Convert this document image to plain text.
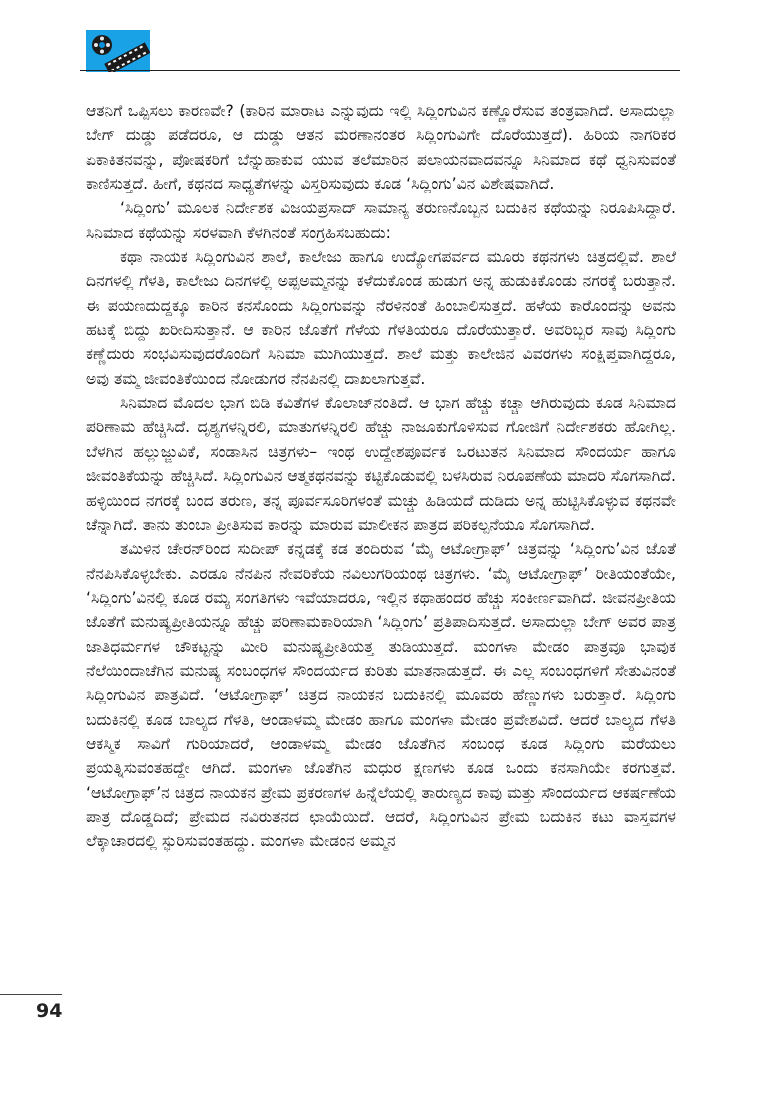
ಆತನಿಗೆ ಒಪ್ಪಿಸಲು ಕಾರಣವೇ? (ಕಾರಿನ ಮಾರಾಟ ಎನ್ನುವುದು ಇಲ್ಲಿ ಸಿದ್ಲಿಂಗುವಿನ ಕಣ್ಣೊರೆಸುವ ತಂತ್ರವಾಗಿದೆ. ಅಸಾದುಲ್ಲಾ ಬೇಗ್ ದುಡ್ಡು ಪಡೆದರೂ, ಆ ದುಡ್ಡು ಆತನ ಮರಣಾನಂತರ ಸಿದ್ಲಿಂಗುವಿಗೇ ದೊರೆಯುತ್ತದೆ). ಹಿರಿಯ ನಾಗರಿಕರ ಏಕಾಕಿತನವನ್ನು, ಪೋಷಕರಿಗೆ ಬೆನ್ನುಹಾಕುವ ಯುವ ತಲೆಮಾರಿನ ಪಲಾಯನವಾದವನ್ನೂ ಸಿನಿಮಾದ ಕಥೆ ಧ್ವನಿಸುವಂತೆ ಕಾಣಿಸುತ್ತದೆ. ಹೀಗೆ, ಕಥನದ ಸಾಧ್ಯತೆಗಳನ್ನು ವಿಸ್ತರಿಸುವುದು ಕೂಡ ‘ಸಿದ್ಲಿಂಗು’ವಿನ ವಿಶೇಷವಾಗಿದೆ.

‘ಸಿದ್ಲಿಂಗು’ ಮೂಲಕ ನಿರ್ದೇಶಕ ವಿಜಯಪ್ರಸಾದ್ ಸಾಮಾನ್ಯ ತರುಣನೊಬ್ಬನ ಬದುಕಿನ ಕಥೆಯನ್ನು ನಿರೂಪಿಸಿದ್ದಾರೆ. ಸಿನಿಮಾದ ಕಥೆಯನ್ನು ಸರಳವಾಗಿ ಕೆಳಗಿನಂತೆ ಸಂಗ್ರಹಿಸಬಹುದು:

ಕಥಾ ನಾಯಕ ಸಿದ್ಲಿಂಗುವಿನ ಶಾಲೆ, ಕಾಲೇಜು ಹಾಗೂ ಉದ್ಯೋಗಪರ್ವದ ಮೂರು ಕಥನಗಳು ಚಿತ್ರದಲ್ಲಿವೆ. ಶಾಲೆ ದಿನಗಳಲ್ಲಿ ಗೆಳತಿ, ಕಾಲೇಜು ದಿನಗಳಲ್ಲಿ ಅಪ್ಪಅಮ್ಮನನ್ನು ಕಳೆದುಕೊಂಡ ಹುಡುಗ ಅನ್ನ ಹುಡುಕಿಕೊಂಡು ನಗರಕ್ಕೆ ಬರುತ್ತಾನೆ. ಈ ಪಯಣದುದ್ದಕ್ಕೂ ಕಾರಿನ ಕನಸೊಂದು ಸಿದ್ಲಿಂಗುವನ್ನು ನೆರಳಿನಂತೆ ಹಿಂಬಾಲಿಸುತ್ತದೆ. ಹಳೆಯ ಕಾರೊಂದನ್ನು ಅವನು ಹಟಕ್ಕೆ ಬಿದ್ದು ಖರೀದಿಸುತ್ತಾನೆ. ಆ ಕಾರಿನ ಜೊತೆಗೆ ಗೆಳೆಯ ಗೆಳತಿಯರೂ ದೊರೆಯುತ್ತಾರೆ. ಅವರಿಬ್ಬರ ಸಾವು ಸಿದ್ಲಿಂಗು ಕಣ್ಣೆದುರು ಸಂಭವಿಸುವುದರೊಂದಿಗೆ ಸಿನಿಮಾ ಮುಗಿಯುತ್ತದೆ. ಶಾಲೆ ಮತ್ತು ಕಾಲೇಜಿನ ವಿವರಗಳು ಸಂಕ್ಷಿಪ್ತವಾಗಿದ್ದರೂ, ಅವು ತಮ್ಮ ಜೀವಂತಿಕೆಯಿಂದ ನೋಡುಗರ ನೆನಪಿನಲ್ಲಿ ದಾಖಲಾಗುತ್ತವೆ.

ಸಿನಿಮಾದ ಮೊದಲ ಭಾಗ ಬಿಡಿ ಕವಿತೆಗಳ ಕೊಲಾಜ್‌ನಂತಿದೆ. ಆ ಭಾಗ ಹೆಚ್ಚು ಕಚ್ಚಾ ಆಗಿರುವುದು ಕೂಡ ಸಿನಿಮಾದ ಪರಿಣಾಮ ಹೆಚ್ಚಿಸಿದೆ. ದೃಶ್ಯಗಳನ್ನಿರಲಿ, ಮಾತುಗಳನ್ನಿರಲಿ ಹೆಚ್ಚು ನಾಜೂಕುಗೊಳಿಸುವ ಗೋಜಿಗೆ ನಿರ್ದೇಶಕರು ಹೋಗಿಲ್ಲ. ಬೆಳಗಿನ ಹಲ್ಲುಜ್ಜುವಿಕೆ, ಸಂಡಾಸಿನ ಚಿತ್ರಗಳು– ಇಂಥ ಉದ್ದೇಶಪೂರ್ವಕ ಒರಟುತನ ಸಿನಿಮಾದ ಸೌಂದರ್ಯ ಹಾಗೂ ಜೀವಂತಿಕೆಯನ್ನು ಹೆಚ್ಚಿಸಿದೆ. ಸಿದ್ಲಿಂಗುವಿನ ಆತ್ಮಕಥನವನ್ನು ಕಟ್ಟಿಕೊಡುವಲ್ಲಿ ಬಳಸಿರುವ ನಿರೂಪಣೆಯ ಮಾದರಿ ಸೊಗಸಾಗಿದೆ. ಹಳ್ಳಿಯಿಂದ ನಗರಕ್ಕೆ ಬಂದ ತರುಣ, ತನ್ನ ಪೂರ್ವಸೂರಿಗಳಂತೆ ಮಚ್ಚು ಹಿಡಿಯದೆ ದುಡಿದು ಅನ್ನ ಹುಟ್ಟಿಸಿಕೊಳ್ಳುವ ಕಥನವೇ ಚೆನ್ನಾಗಿದೆ. ತಾನು ತುಂಬಾ ಪ್ರೀತಿಸುವ ಕಾರನ್ನು ಮಾರುವ ಮಾಲೀಕನ ಪಾತ್ರದ ಪರಿಕಲ್ಪನೆಯೂ ಸೊಗಸಾಗಿದೆ.

ತಮಿಳಿನ ಚೇರನ್‌ರಿಂದ ಸುದೀಪ್ ಕನ್ನಡಕ್ಕೆ ಕಡ ತಂದಿರುವ ‘ಮೈ ಆಟೋಗ್ರಾಫ್’ ಚಿತ್ರವನ್ನು ‘ಸಿದ್ಲಿಂಗು’ವಿನ ಜೊತೆ ನೆನಪಿಸಿಕೊಳ್ಳಬೇಕು. ಎರಡೂ ನೆನಪಿನ ನೇವರಿಕೆಯ ನವಿಲುಗರಿಯಂಥ ಚಿತ್ರಗಳು. ‘ಮೈ ಆಟೋಗ್ರಾಫ್’ ರೀತಿಯಂತೆಯೇ, ‘ಸಿದ್ಲಿಂಗು’ವಿನಲ್ಲಿ ಕೂಡ ರಮ್ಯ ಸಂಗತಿಗಳು ಇವೆಯಾದರೂ, ಇಲ್ಲಿನ ಕಥಾಹಂದರ ಹೆಚ್ಚು ಸಂಕೀರ್ಣವಾಗಿದೆ. ಜೀವನಪ್ರೀತಿಯ ಜೊತೆಗೆ ಮನುಷ್ಯಪ್ರೀತಿಯನ್ನೂ ಹೆಚ್ಚು ಪರಿಣಾಮಕಾರಿಯಾಗಿ ‘ಸಿದ್ಲಿಂಗು’ ಪ್ರತಿಪಾದಿಸುತ್ತದೆ. ಅಸಾದುಲ್ಲಾ ಬೇಗ್ ಅವರ ಪಾತ್ರ ಜಾತಿಧರ್ಮಗಳ ಚೌಕಟ್ಟನ್ನು ಮೀರಿ ಮನುಷ್ಯಪ್ರೀತಿಯತ್ತ ತುಡಿಯುತ್ತದೆ. ಮಂಗಳಾ ಮೇಡಂ ಪಾತ್ರವೂ ಭಾವುಕ ನೆಲೆಯಿಂದಾಚೆಗಿನ ಮನುಷ್ಯ ಸಂಬಂಧಗಳ ಸೌಂದರ್ಯದ ಕುರಿತು ಮಾತನಾಡುತ್ತದೆ. ಈ ಎಲ್ಲ ಸಂಬಂಧಗಳಿಗೆ ಸೇತುವಿನಂತೆ ಸಿದ್ಲಿಂಗುವಿನ ಪಾತ್ರವಿದೆ. ‘ಆಟೋಗ್ರಾಫ್’ ಚಿತ್ರದ ನಾಯಕನ ಬದುಕಿನಲ್ಲಿ ಮೂವರು ಹೆಣ್ಣುಗಳು ಬರುತ್ತಾರೆ. ಸಿದ್ಲಿಂಗು ಬದುಕಿನಲ್ಲಿ ಕೂಡ ಬಾಲ್ಯದ ಗೆಳತಿ, ಆಂಡಾಳಮ್ಮ ಮೇಡಂ ಹಾಗೂ ಮಂಗಳಾ ಮೇಡಂ ಪ್ರವೇಶವಿದೆ. ಆದರೆ ಬಾಲ್ಯದ ಗೆಳತಿ ಆಕಸ್ಮಿಕ ಸಾವಿಗೆ ಗುರಿಯಾದರೆ, ಆಂಡಾಳಮ್ಮ ಮೇಡಂ ಜೊತೆಗಿನ ಸಂಬಂಧ ಕೂಡ ಸಿದ್ಲಿಂಗು ಮರೆಯಲು ಪ್ರಯತ್ನಿಸುವಂತಹದ್ದೇ ಆಗಿದೆ. ಮಂಗಳಾ ಜೊತೆಗಿನ ಮಧುರ ಕ್ಷಣಗಳು ಕೂಡ ಒಂದು ಕನಸಾಗಿಯೇ ಕರಗುತ್ತವೆ. ‘ಆಟೋಗ್ರಾಫ್’ನ ಚಿತ್ರದ ನಾಯಕನ ಪ್ರೇಮ ಪ್ರಕರಣಗಳ ಹಿನ್ನೆಲೆಯಲ್ಲಿ ತಾರುಣ್ಯದ ಕಾವು ಮತ್ತು ಸೌಂದರ್ಯದ ಆಕರ್ಷಣೆಯ ಪಾತ್ರ ದೊಡ್ಡದಿದೆ; ಪ್ರೇಮದ ನವಿರುತನದ ಛಾಯೆಯಿದೆ. ಆದರೆ, ಸಿದ್ಲಿಂಗುವಿನ ಪ್ರೇಮ ಬದುಕಿನ ಕಟು ವಾಸ್ತವಗಳ ಲೆಕ್ಕಾಚಾರದಲ್ಲಿ ಸ್ಫುರಿಸುವಂತಹದ್ದು. ಮಂಗಳಾ ಮೇಡಂನ ಅಮ್ಮನ

94
